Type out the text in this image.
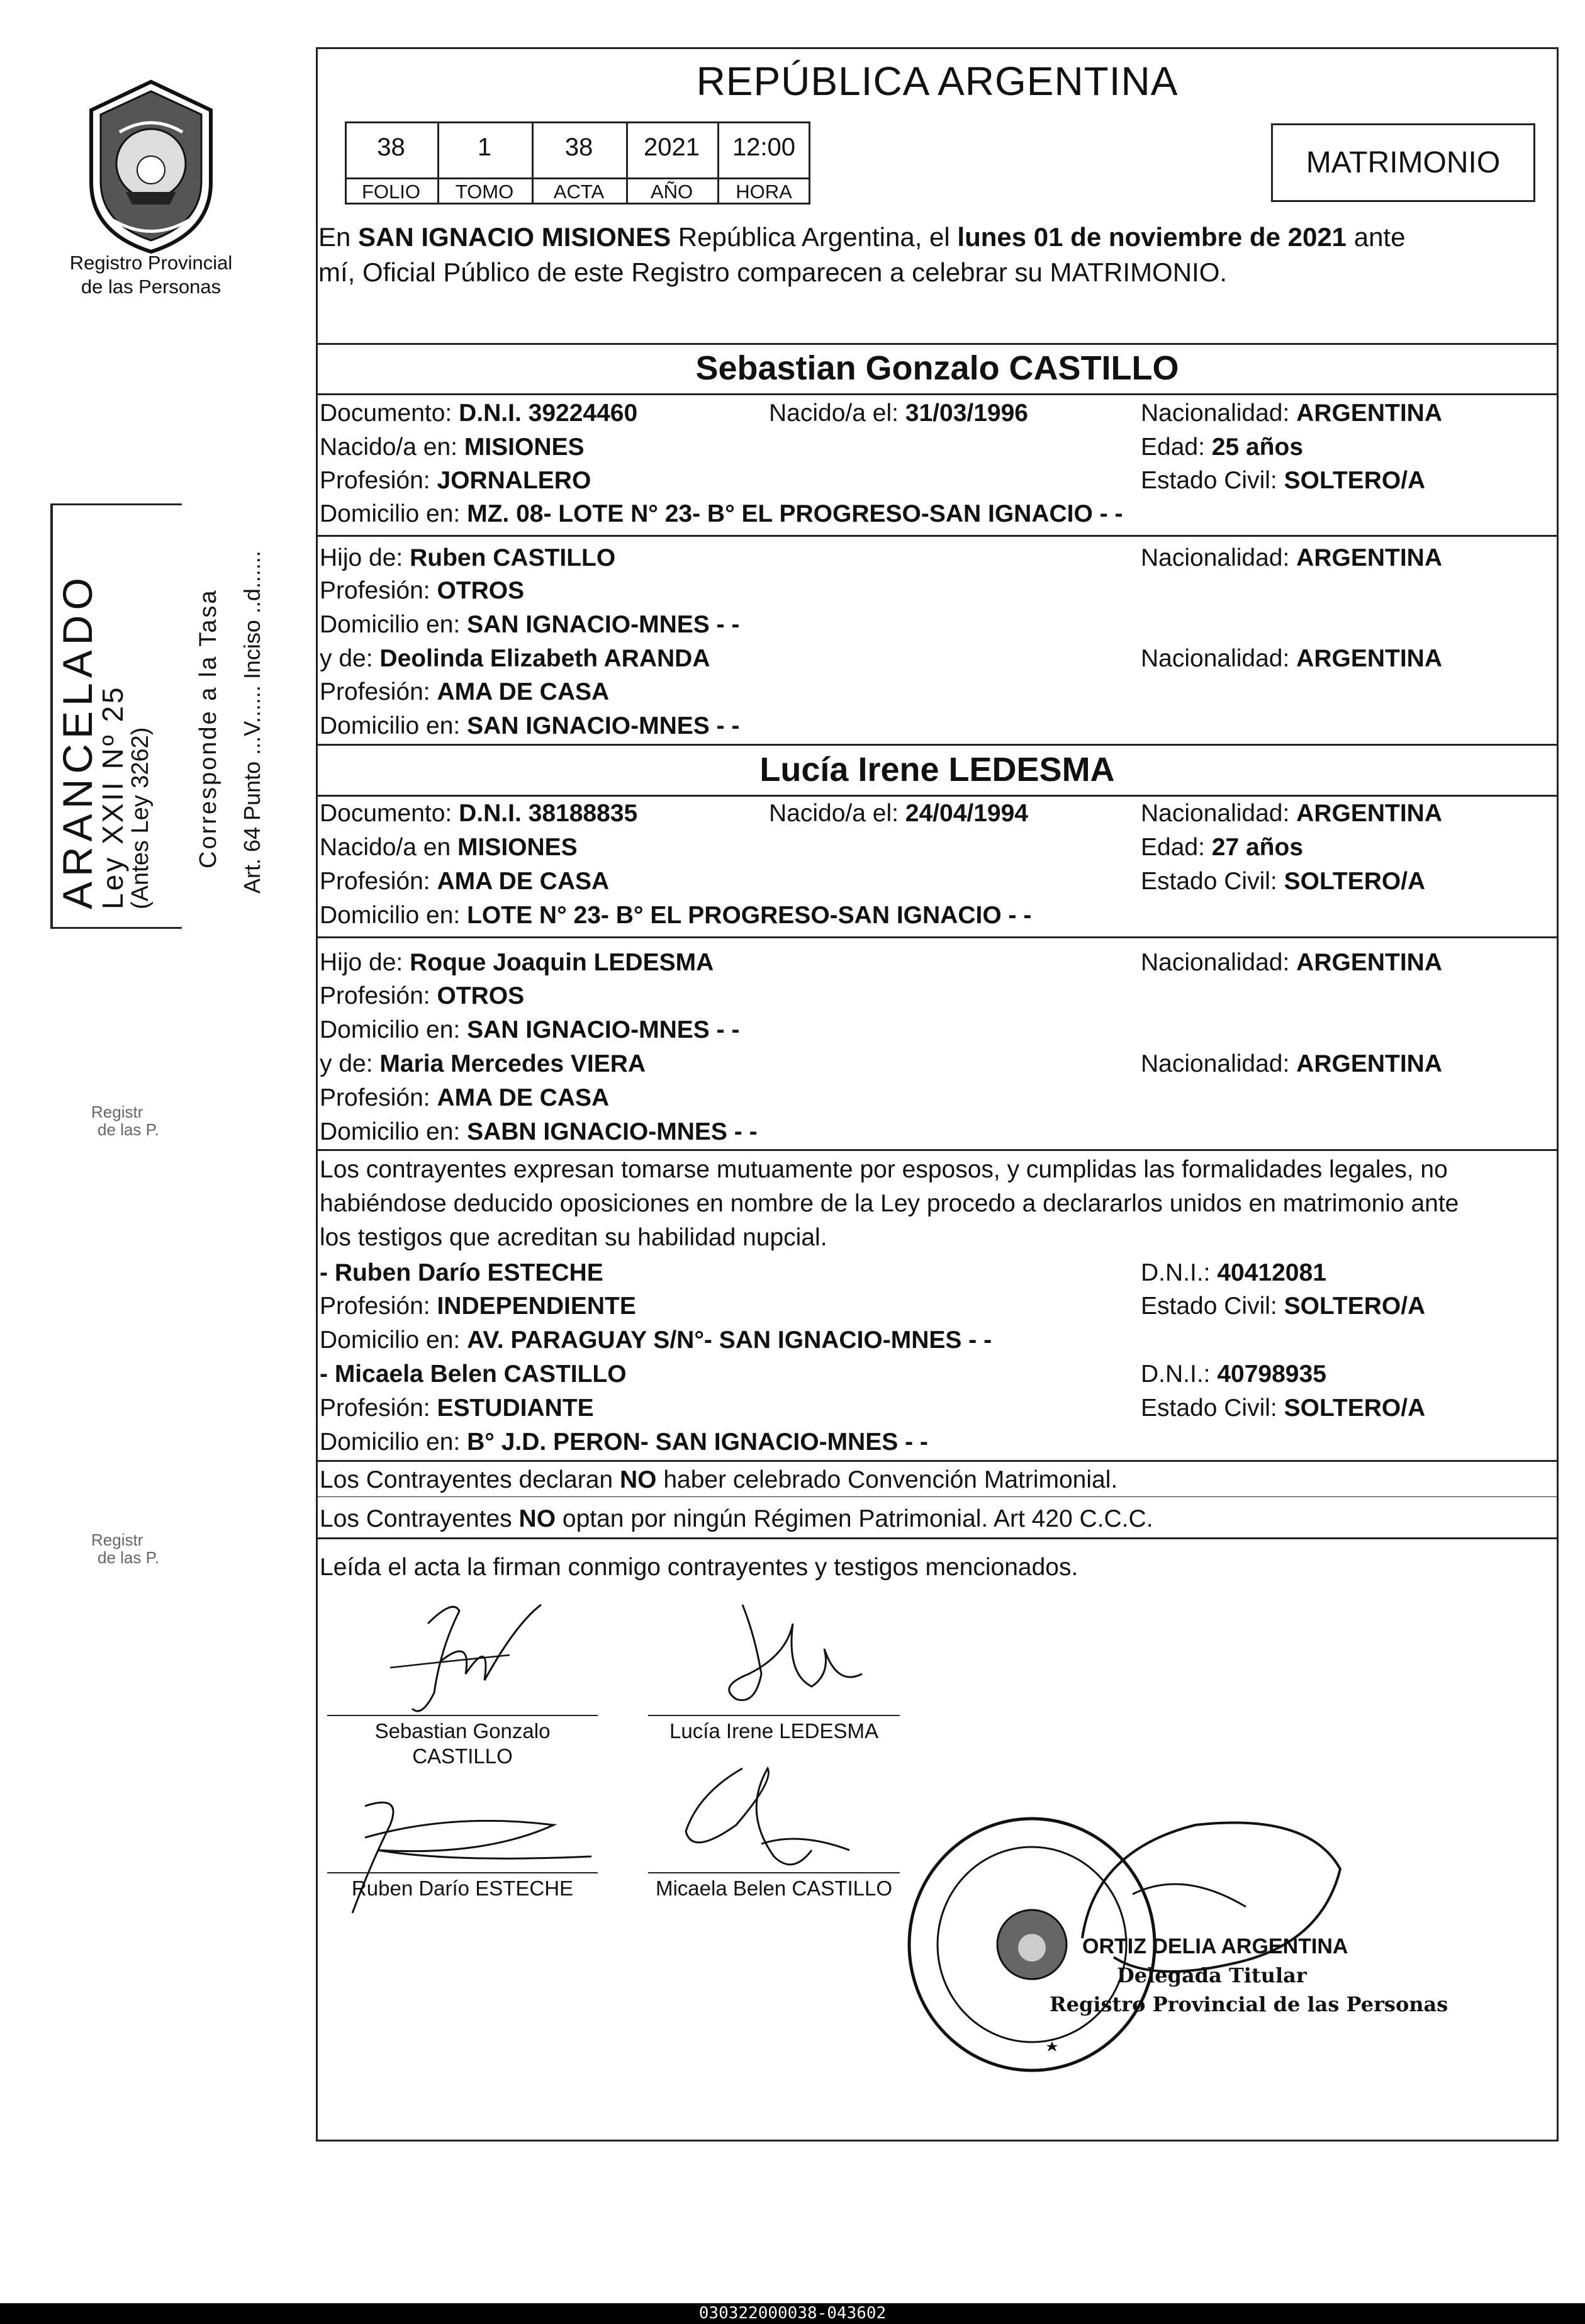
Registro Provincial
de las Personas
ARANCELADO
Ley XXII Nº 25
(Antes Ley 3262) Corresponde a la Tasa Art. 64 Punto ...V...... Inciso ..d......
Registr
de las P.
Registr
de las P.
REPÚBLICA ARGENTINA
MATRIMONIO
38	1	38	2021	12:00
FOLIO	TOMO	ACTA	AÑO	HORA
En SAN IGNACIO MISIONES República Argentina, el lunes 01 de noviembre de 2021 ante
mí, Oficial Público de este Registro comparecen a celebrar su MATRIMONIO.
Sebastian Gonzalo CASTILLO
Documento: D.N.I. 39224460	Nacido/a el: 31/03/1996	Nacionalidad: ARGENTINA
Nacido/a en: MISIONES	Edad: 25 años
Profesión: JORNALERO	Estado Civil: SOLTERO/A
Domicilio en: MZ. 08- LOTE N° 23- B° EL PROGRESO-SAN IGNACIO - -
Hijo de: Ruben CASTILLO	Nacionalidad: ARGENTINA
Profesión: OTROS
Domicilio en: SAN IGNACIO-MNES - -
y de: Deolinda Elizabeth ARANDA	Nacionalidad: ARGENTINA
Profesión: AMA DE CASA
Domicilio en: SAN IGNACIO-MNES - -
Lucía Irene LEDESMA
Documento: D.N.I. 38188835	Nacido/a el: 24/04/1994	Nacionalidad: ARGENTINA
Nacido/a en MISIONES	Edad: 27 años
Profesión: AMA DE CASA	Estado Civil: SOLTERO/A
Domicilio en: LOTE N° 23- B° EL PROGRESO-SAN IGNACIO - -
Hijo de: Roque Joaquin LEDESMA	Nacionalidad: ARGENTINA
Profesión: OTROS
Domicilio en: SAN IGNACIO-MNES - -
y de: Maria Mercedes VIERA	Nacionalidad: ARGENTINA
Profesión: AMA DE CASA
Domicilio en: SABN IGNACIO-MNES - -
Los contrayentes expresan tomarse mutuamente por esposos, y cumplidas las formalidades legales, no
habiéndose deducido oposiciones en nombre de la Ley procedo a declararlos unidos en matrimonio ante
los testigos que acreditan su habilidad nupcial.
- Ruben Darío ESTECHE	D.N.I.: 40412081
Profesión: INDEPENDIENTE	Estado Civil: SOLTERO/A
Domicilio en: AV. PARAGUAY S/N°- SAN IGNACIO-MNES - -
- Micaela Belen CASTILLO	D.N.I.: 40798935
Profesión: ESTUDIANTE	Estado Civil: SOLTERO/A
Domicilio en: B° J.D. PERON- SAN IGNACIO-MNES - -
Los Contrayentes declaran NO haber celebrado Convención Matrimonial.
Los Contrayentes NO optan por ningún Régimen Patrimonial. Art 420 C.C.C.
Leída el acta la firman conmigo contrayentes y testigos mencionados.
Sebastian Gonzalo
CASTILLO
Lucía Irene LEDESMA
Ruben Darío ESTECHE	Micaela Belen CASTILLO
ORTIZ DELIA ARGENTINA
Delegada Titular
Registro Provincial de las Personas
030322000038-043602
